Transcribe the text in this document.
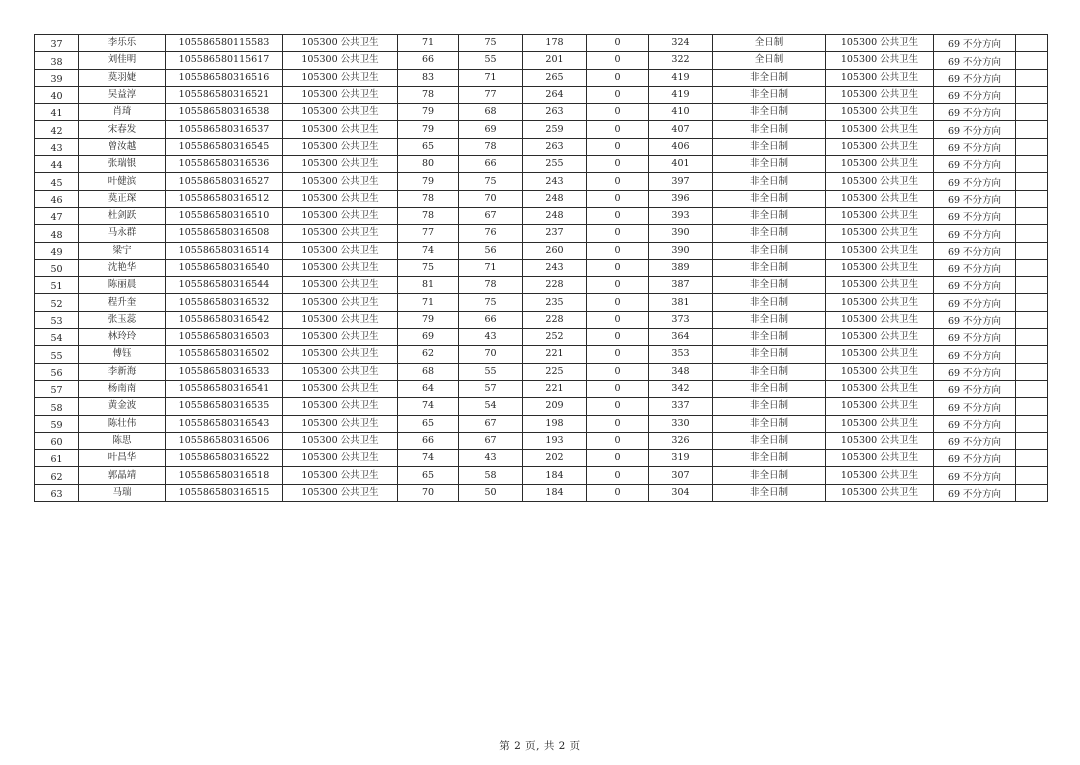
37	李乐乐	105586580115583	105300 公共卫生	71	75	178	0	324	全日制	105300 公共卫生	69 不分方向	
38	刘佳明	105586580115617	105300 公共卫生	66	55	201	0	322	全日制	105300 公共卫生	69 不分方向	
39	莫羽婕	105586580316516	105300 公共卫生	83	71	265	0	419	非全日制	105300 公共卫生	69 不分方向	
40	吴益淳	105586580316521	105300 公共卫生	78	77	264	0	419	非全日制	105300 公共卫生	69 不分方向	
41	肖琦	105586580316538	105300 公共卫生	79	68	263	0	410	非全日制	105300 公共卫生	69 不分方向	
42	宋春发	105586580316537	105300 公共卫生	79	69	259	0	407	非全日制	105300 公共卫生	69 不分方向	
43	曾汝越	105586580316545	105300 公共卫生	65	78	263	0	406	非全日制	105300 公共卫生	69 不分方向	
44	张瑞银	105586580316536	105300 公共卫生	80	66	255	0	401	非全日制	105300 公共卫生	69 不分方向	
45	叶健滨	105586580316527	105300 公共卫生	79	75	243	0	397	非全日制	105300 公共卫生	69 不分方向	
46	莫正琛	105586580316512	105300 公共卫生	78	70	248	0	396	非全日制	105300 公共卫生	69 不分方向	
47	杜剑跃	105586580316510	105300 公共卫生	78	67	248	0	393	非全日制	105300 公共卫生	69 不分方向	
48	马永群	105586580316508	105300 公共卫生	77	76	237	0	390	非全日制	105300 公共卫生	69 不分方向	
49	梁宁	105586580316514	105300 公共卫生	74	56	260	0	390	非全日制	105300 公共卫生	69 不分方向	
50	沈艳华	105586580316540	105300 公共卫生	75	71	243	0	389	非全日制	105300 公共卫生	69 不分方向	
51	陈丽晨	105586580316544	105300 公共卫生	81	78	228	0	387	非全日制	105300 公共卫生	69 不分方向	
52	程升奎	105586580316532	105300 公共卫生	71	75	235	0	381	非全日制	105300 公共卫生	69 不分方向	
53	张玉蕊	105586580316542	105300 公共卫生	79	66	228	0	373	非全日制	105300 公共卫生	69 不分方向	
54	林玲玲	105586580316503	105300 公共卫生	69	43	252	0	364	非全日制	105300 公共卫生	69 不分方向	
55	傅钰	105586580316502	105300 公共卫生	62	70	221	0	353	非全日制	105300 公共卫生	69 不分方向	
56	李新海	105586580316533	105300 公共卫生	68	55	225	0	348	非全日制	105300 公共卫生	69 不分方向	
57	杨南南	105586580316541	105300 公共卫生	64	57	221	0	342	非全日制	105300 公共卫生	69 不分方向	
58	黄金波	105586580316535	105300 公共卫生	74	54	209	0	337	非全日制	105300 公共卫生	69 不分方向	
59	陈壮伟	105586580316543	105300 公共卫生	65	67	198	0	330	非全日制	105300 公共卫生	69 不分方向	
60	陈思	105586580316506	105300 公共卫生	66	67	193	0	326	非全日制	105300 公共卫生	69 不分方向	
61	叶昌华	105586580316522	105300 公共卫生	74	43	202	0	319	非全日制	105300 公共卫生	69 不分方向	
62	郭晶靖	105586580316518	105300 公共卫生	65	58	184	0	307	非全日制	105300 公共卫生	69 不分方向	
63	马瑞	105586580316515	105300 公共卫生	70	50	184	0	304	非全日制	105300 公共卫生	69 不分方向	
第 2 页, 共 2 页
